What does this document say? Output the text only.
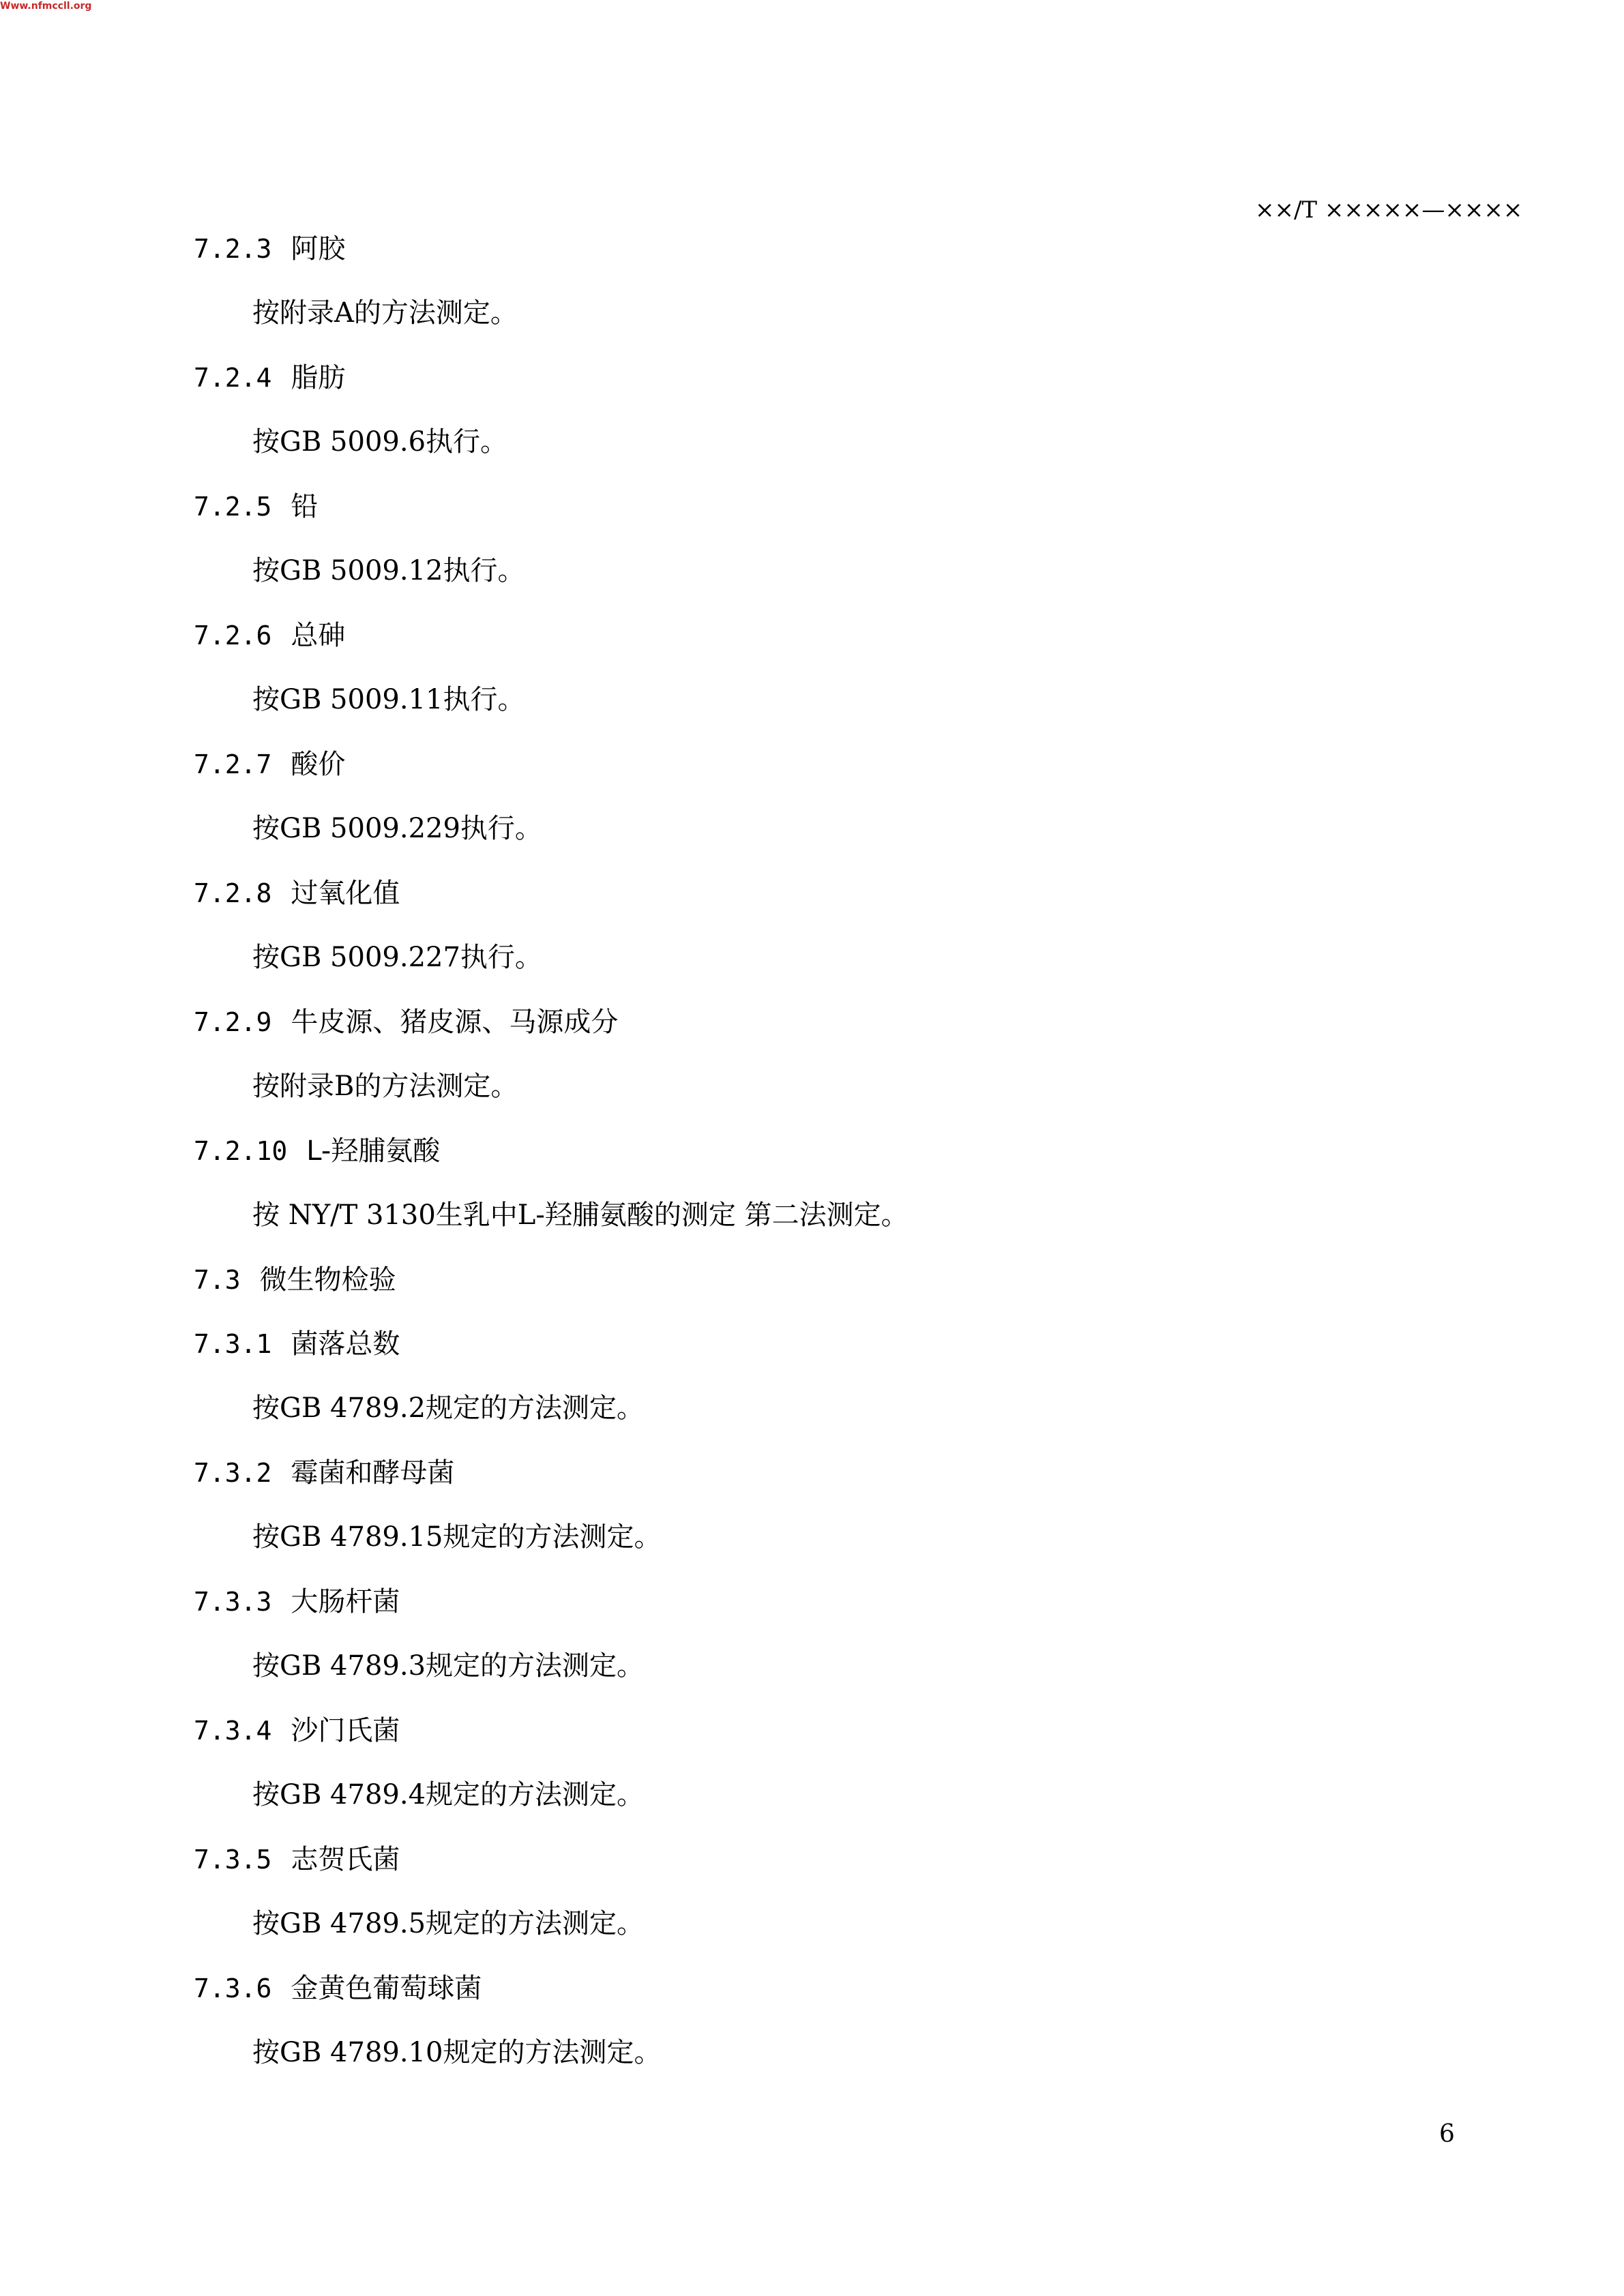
Www.nfmccll.org
××/T ×××××—××××
7.2.3 阿胶
按附录A的方法测定。
7.2.4 脂肪
按GB 5009.6执行。
7.2.5 铅
按GB 5009.12执行。
7.2.6 总砷
按GB 5009.11执行。
7.2.7 酸价
按GB 5009.229执行。
7.2.8 过氧化值
按GB 5009.227执行。
7.2.9 牛皮源、猪皮源、马源成分
按附录B的方法测定。
7.2.10 L-羟脯氨酸
按 NY/T 3130生乳中L-羟脯氨酸的测定 第二法测定。
7.3 微生物检验
7.3.1 菌落总数
按GB 4789.2规定的方法测定。
7.3.2 霉菌和酵母菌
按GB 4789.15规定的方法测定。
7.3.3 大肠杆菌
按GB 4789.3规定的方法测定。
7.3.4 沙门氏菌
按GB 4789.4规定的方法测定。
7.3.5 志贺氏菌
按GB 4789.5规定的方法测定。
7.3.6 金黄色葡萄球菌
按GB 4789.10规定的方法测定。
6
